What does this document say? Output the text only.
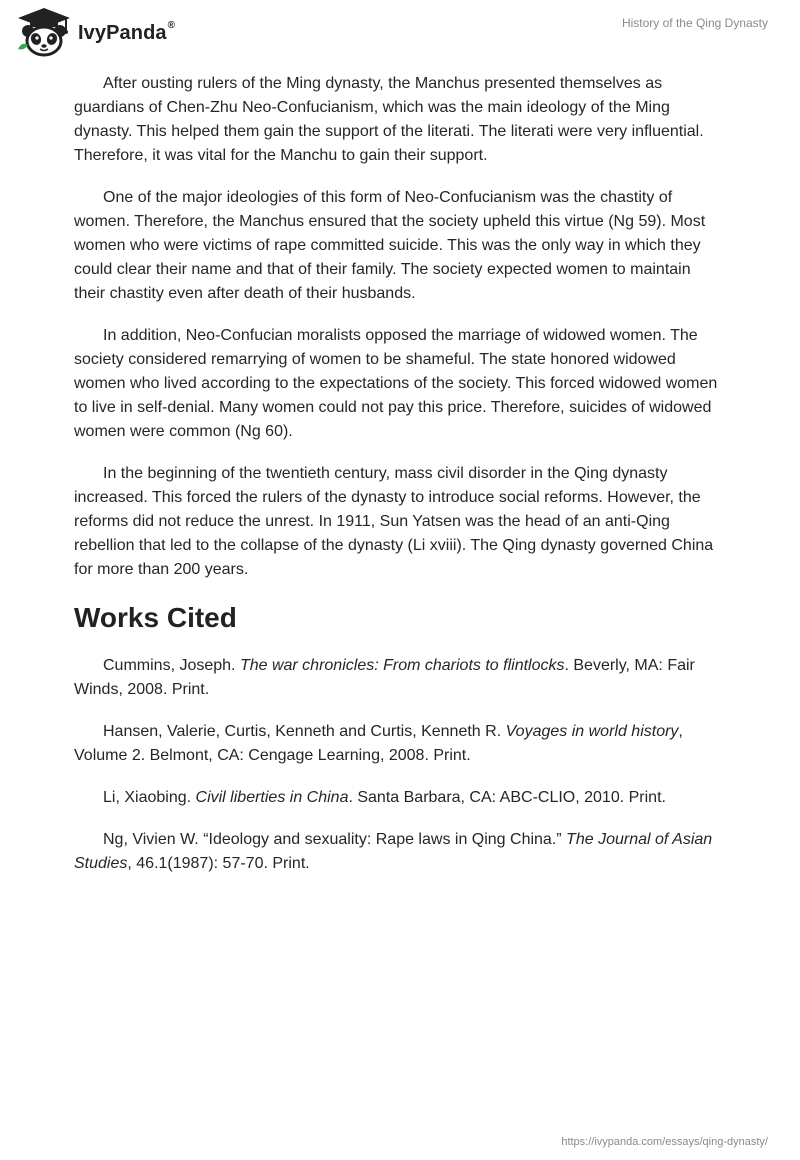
IvyPanda®	History of the Qing Dynasty

After ousting rulers of the Ming dynasty, the Manchus presented themselves as guardians of Chen-Zhu Neo-Confucianism, which was the main ideology of the Ming dynasty. This helped them gain the support of the literati. The literati were very influential. Therefore, it was vital for the Manchu to gain their support.

One of the major ideologies of this form of Neo-Confucianism was the chastity of women. Therefore, the Manchus ensured that the society upheld this virtue (Ng 59). Most women who were victims of rape committed suicide. This was the only way in which they could clear their name and that of their family. The society expected women to maintain their chastity even after death of their husbands.

In addition, Neo-Confucian moralists opposed the marriage of widowed women. The society considered remarrying of women to be shameful. The state honored widowed women who lived according to the expectations of the society. This forced widowed women to live in self-denial. Many women could not pay this price. Therefore, suicides of widowed women were common (Ng 60).

In the beginning of the twentieth century, mass civil disorder in the Qing dynasty increased. This forced the rulers of the dynasty to introduce social reforms. However, the reforms did not reduce the unrest. In 1911, Sun Yatsen was the head of an anti-Qing rebellion that led to the collapse of the dynasty (Li xviii). The Qing dynasty governed China for more than 200 years.

Works Cited

Cummins, Joseph. The war chronicles: From chariots to flintlocks. Beverly, MA: Fair Winds, 2008. Print.

Hansen, Valerie, Curtis, Kenneth and Curtis, Kenneth R. Voyages in world history, Volume 2. Belmont, CA: Cengage Learning, 2008. Print.

Li, Xiaobing. Civil liberties in China. Santa Barbara, CA: ABC-CLIO, 2010. Print.

Ng, Vivien W. “Ideology and sexuality: Rape laws in Qing China.” The Journal of Asian Studies, 46.1(1987): 57-70. Print.

https://ivypanda.com/essays/qing-dynasty/
